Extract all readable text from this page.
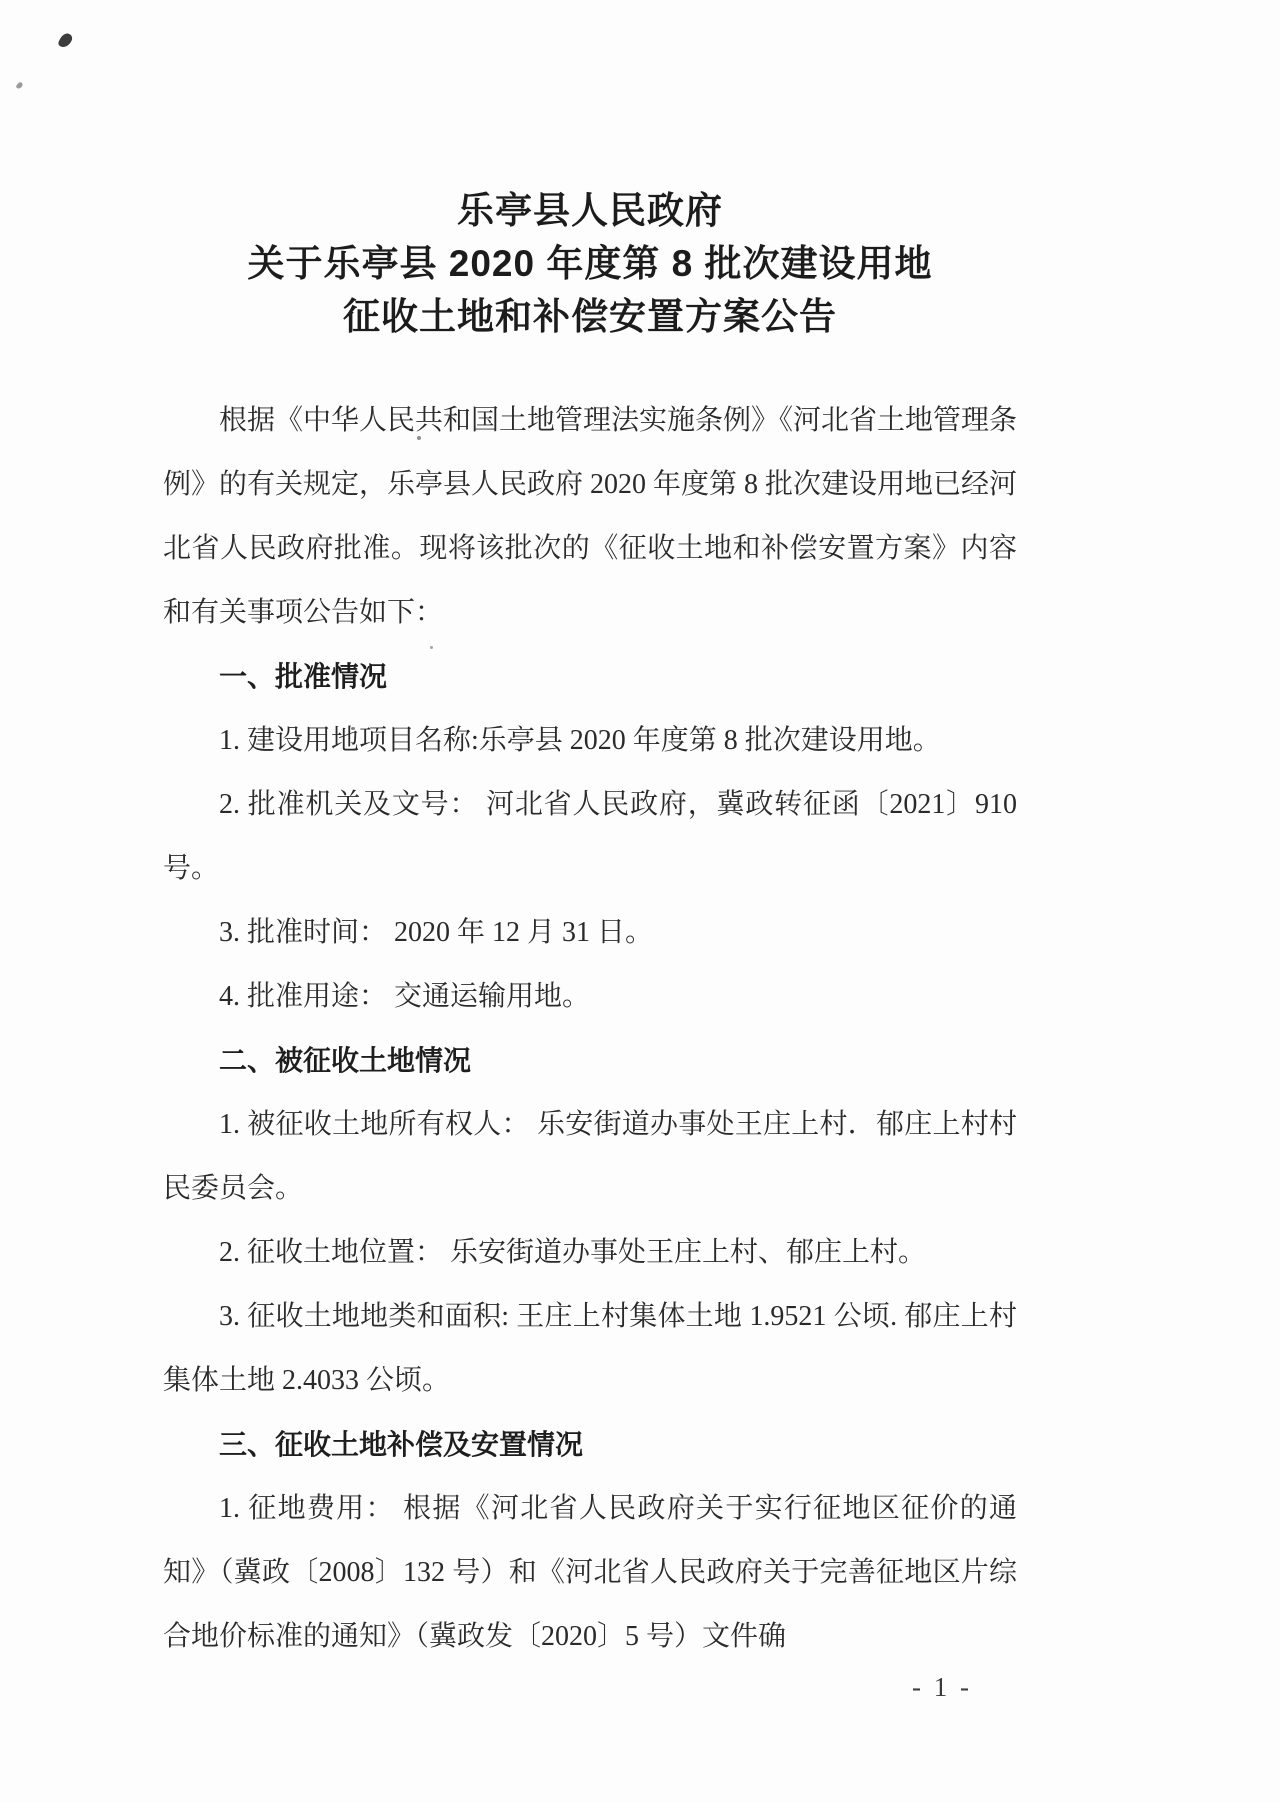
乐亭县人民政府
关于乐亭县 2020 年度第 8 批次建设用地
征收土地和补偿安置方案公告

根据《中华人民共和国土地管理法实施条例》《河北省土地管理条例》的有关规定，乐亭县人民政府 2020 年度第 8 批次建设用地已经河北省人民政府批准。现将该批次的《征收土地和补偿安置方案》内容和有关事项公告如下：

一、批准情况

1. 建设用地项目名称:乐亭县 2020 年度第 8 批次建设用地。

2. 批准机关及文号： 河北省人民政府，冀政转征函〔2021〕910 号。

3. 批准时间： 2020 年 12 月 31 日。

4. 批准用途： 交通运输用地。

二、被征收土地情况

1. 被征收土地所有权人： 乐安街道办事处王庄上村．郁庄上村村民委员会。

2. 征收土地位置： 乐安街道办事处王庄上村、郁庄上村。

3. 征收土地地类和面积: 王庄上村集体土地 1.9521 公顷. 郁庄上村集体土地 2.4033 公顷。

三、征收土地补偿及安置情况

1. 征地费用： 根据《河北省人民政府关于实行征地区征价的通知》（冀政〔2008〕132 号）和《河北省人民政府关于完善征地区片综合地价标准的通知》（冀政发〔2020〕5 号）文件确

- 1 -
